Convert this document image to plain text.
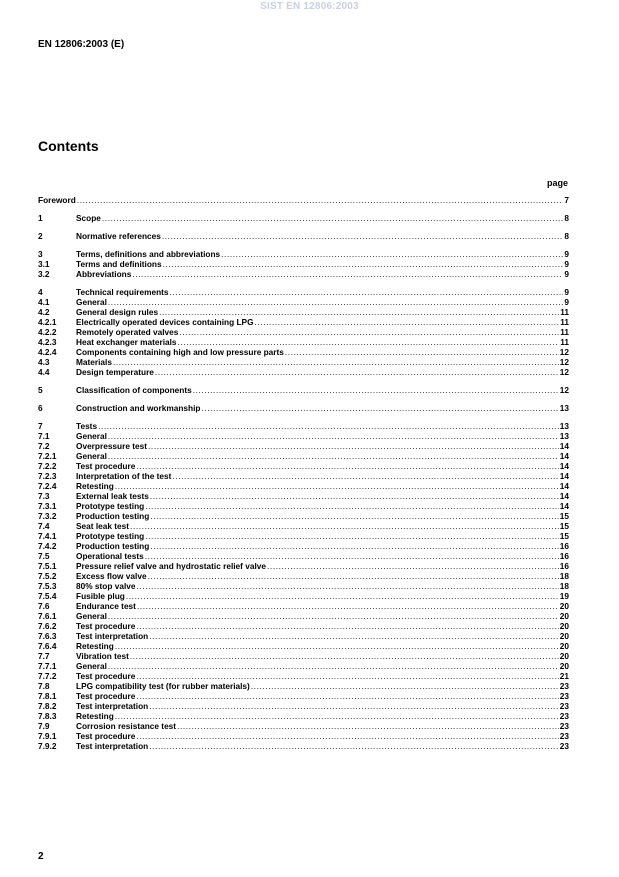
SIST EN 12806:2003
EN 12806:2003 (E)
Contents
page
Foreword .....	7
1	Scope .....	8
2	Normative references .....	8
3	Terms, definitions and abbreviations .....	9
3.1	Terms and definitions .....	9
3.2	Abbreviations .....	9
4	Technical requirements .....	9
4.1	General .....	9
4.2	General design rules .....	11
4.2.1	Electrically operated devices containing LPG .....	11
4.2.2	Remotely operated valves .....	11
4.2.3	Heat exchanger materials .....	11
4.2.4	Components containing high and low pressure parts .....	12
4.3	Materials .....	12
4.4	Design temperature .....	12
5	Classification of components .....	12
6	Construction and workmanship .....	13
7	Tests .....	13
7.1	General .....	13
7.2	Overpressure test .....	14
7.2.1	General .....	14
7.2.2	Test procedure .....	14
7.2.3	Interpretation of the test .....	14
7.2.4	Retesting .....	14
7.3	External leak tests .....	14
7.3.1	Prototype testing .....	14
7.3.2	Production testing .....	15
7.4	Seat leak test .....	15
7.4.1	Prototype testing .....	15
7.4.2	Production testing .....	16
7.5	Operational tests .....	16
7.5.1	Pressure relief valve and hydrostatic relief valve .....	16
7.5.2	Excess flow valve .....	18
7.5.3	80% stop valve .....	18
7.5.4	Fusible plug .....	19
7.6	Endurance test .....	20
7.6.1	General .....	20
7.6.2	Test procedure .....	20
7.6.3	Test interpretation .....	20
7.6.4	Retesting .....	20
7.7	Vibration test .....	20
7.7.1	General .....	20
7.7.2	Test procedure .....	21
7.8	LPG compatibility test (for rubber materials) .....	23
7.8.1	Test procedure .....	23
7.8.2	Test interpretation .....	23
7.8.3	Retesting .....	23
7.9	Corrosion resistance test .....	23
7.9.1	Test procedure .....	23
7.9.2	Test interpretation .....	23
2
